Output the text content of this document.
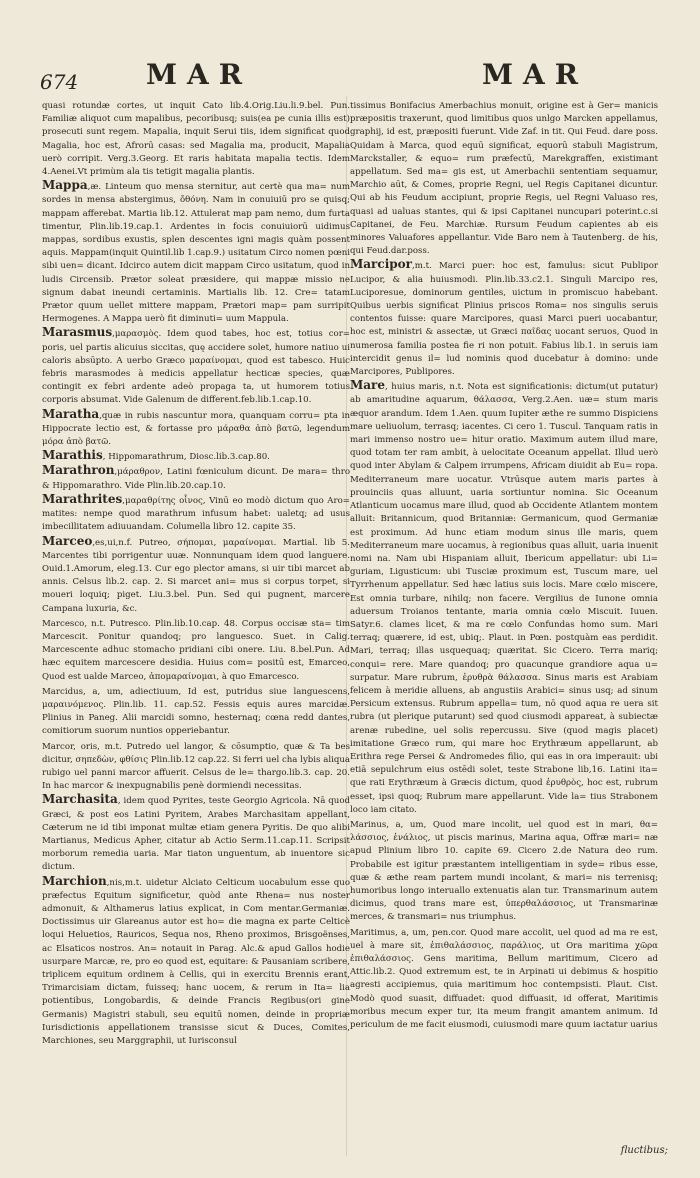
674 MAR	MAR

quasi rotundæ cortes, ut inquit Cato lib.4.Orig.Liu.li.9.bel. Pun. Familiæ aliquot cum mapalibus, pecoribusq; suis(ea pe cunia illis est) prosecuti sunt regem. Mapalia, inquit Serui tiis, idem significat quod Magalia, hoc est, Afrorū casas: sed Magalia ma, producit, Mapalia uerò corripit. Verg.3.Georg. Et raris habitata mapalia tectis. Idem 4.Aenei.Vt primùm ala tis tetigit magalia plantis.

Mappa,æ. Linteum quo mensa sternitur, aut certè qua ma= num sordes in mensa abstergimus, ὄθόνη. Nam in conuiuiū pro se quisq; mappam afferebat. Martia lib.12. Attulerat map pam nemo, dum furta timentur, Plin.lib.19.cap.1. Ardentes in focis conuiuiorū uidimus mappas, sordibus exustis, splen descentes igni magis quàm possent aquis. Mappam(inquit Quintil.lib 1.cap.9.) usitatum Circo nomen pœni sibi uen= dicant. Idcirco autem dicit mappam Circo usitatum, quod in ludis Circensib. Prætor soleat præsidere, qui mappæ missio ne signum dabat ineundi certaminis. Martialis lib. 12. Cre= tatam Prætor quum uellet mittere mappam, Prætori map= pam surripit Hermogenes. A Mappa uerò fit diminuti= uum Mappula.

Marasmus,μαρασμὸς. Idem quod tabes, hoc est, totius cor= poris, uel partis alicuius siccitas, quę accidere solet, humore natiuo ui caloris absūpto. A uerbo Græco μαραίνομαι, quod est tabesco. Huic febris marasmodes à medicis appellatur hecticæ species, quæ contingit ex febri ardente adeò propaga ta, ut humorem totius corporis absumat. Vide Galenum de different.feb.lib.1.cap.10.

Maratha,quæ in rubis nascuntur mora, quanquam corru= pta in Hippocrate lectio est, & fortasse pro μάραθα ἀπὸ βατῶ, legendum μόρα ἀπὸ βατῶ.

Marathis, Hippomarathrum, Diosc.lib.3.cap.80.

Marathron,μάραθρον, Latini fœniculum dicunt. De mara= thro & Hippomarathro. Vide Plin.lib.20.cap.10.

Marathrites,μαραθρίτης οἶνος, Vinū eo modò dictum quo Aro= matites: nempe quod marathrum infusum habet: ualetq; ad usus imbecillitatem adiuuandam. Columella libro 12. capite 35.

Marceo,es,ui,n.f. Putreo, σήπομαι, μαραίνομαι. Martial. lib 5. Marcentes tibi porrigentur uuæ. Nonnunquam idem quod languere. Ouid.1.Amorum, eleg.13. Cur ego plector amans, si uir tibi marcet ab annis. Celsus lib.2. cap. 2. Si marcet ani= mus si corpus torpet, si moueri loquiq; piget. Liu.3.bel. Pun. Sed qui pugnent, marcere Campana luxuria, &c.

Marcesco, n.t. Putresco. Plin.lib.10.cap. 48. Corpus occisæ sta= tim Marcescit. Ponitur quandoq; pro languesco. Suet. in Calig. Marcescente adhuc stomacho pridiani cibi onere. Liu. 8.bel.Pun. Ad hæc equitem marcescere desidia. Huius com= positū est, Emarceo, Quod est ualde Marceo, ἀπομαραίνομαι, à quo Emarcesco.

Marcidus, a, um, adiectiuum, Id est, putridus siue languescens, μαραινόμενος. Plin.lib. 11. cap.52. Fessis equis aures marcidæ. Plinius in Paneg. Alii marcidi somno, hesternaq; cœna redd dantes, comitiorum suorum nuntios opperiebantur.

Marcor, oris, m.t. Putredo uel langor, & cōsumptio, quæ & Ta bes dicitur, σηπεδὼν, φθίσις Plin.lib.12 cap.22. Si ferri uel cha lybis aliqua rubigo uel panni marcor affuerit. Celsus de le= thargo.lib.3. cap. 20. In hac marcor & inexpugnabilis penè dormiendi necessitas.

Marchasita, idem quod Pyrites, teste Georgio Agricola. Nā quod Græci, & post eos Latini Pyritem, Arabes Marchasitam appellant, Cæterum ne id tibi imponat multæ etiam genera Pyritis. De quo alibi Martianus, Medicus Apher, citatur ab Actio Serm.11.cap.11. Scripsit morborum remedia uaria. Mar tiaton unguentum, ab inuentore sic dictum.

Marchion,nis,m.t. uidetur Alciato Celticum uocabulum esse quo præfectus Equitum significetur, quòd ante Rhena= nus noster admonuit, & Althamerus latius explicat, in Com mentar.Germaniæ. Doctissimus uir Glareanus autor est ho= die magna ex parte Celticè loqui Heluetios, Rauricos, Sequa nos, Rheno proximos, Brisgoënses, ac Elsaticos nostros. An= notauit in Parag. Alc.& apud Gallos hodie usurpare Marcæ, re, pro eo quod est, equitare: & Pausaniam scribere, triplicem equitum ordinem à Cellis, qui in exercitu Brennis erant, Trimarcisiam dictam, fuisseq; hanc uocem, & rerum in Ita= lia potientibus, Longobardis, & deinde Francis Regibus(ori gine Germanis) Magistri stabuli, seu equitū nomen, deinde in propriæ Iurisdictionis appellationem transisse sicut & Duces, Comites, Marchiones, seu Marggraphii, ut Iurisconsul

tissimus Bonifacius Amerbachius monuit, origine est à Ger= manicis præpositis traxerunt, quod limitibus quos unlgo Marcken appellamus, graphij, id est, præpositi fuerunt. Vide Zaf. in tit. Qui Feud. dare poss. Quidam à Marca, quod equū significat, equorū stabuli Magistrum, Marckstaller, & equo= rum præfectū, Marekgraffen, existimant appellatum. Sed ma= gis est, ut Amerbachii sententiam sequamur, Marchio aūt, & Comes, proprie Regni, uel Regis Capitanei dicuntur. Qui ab his Feudum accipiunt, proprie Regis, uel Regni Valuaso res, quasi ad ualuas stantes, qui & ipsi Capitanei nuncupari poterint.c.si Capitanei, de Feu. Marchiæ. Rursum Feudum capientes ab eis minores Valuafores appellantur. Vide Baro nem à Tautenberg. de his, qui Feud.dar.poss.

Marcipor,m.t. Marci puer: hoc est, famulus: sicut Publipor Lucipor, & alia huiusmodi. Plin.lib.33.c2.1. Singuli Marcipo res, Luciporesue, dominorum gentiles, uictum in promiscuo habebant. Quibus uerbis significat Plinius priscos Roma= nos singulis seruis contentos fuisse: quare Marcipores, quasi Marci pueri uocabantur, hoc est, ministri & assectæ, ut Græci παῖδας uocant seruos, Quod in numerosa familia postea fie ri non potuit. Fabius lib.1. in seruis iam intercidit genus il= lud nominis quod ducebatur à domino: unde Marcipores, Publipores.

Mare, huius maris, n.t. Nota est significationis: dictum(ut putatur) ab amaritudine aquarum, θάλασσα, Verg.2.Aen. uæ= stum maris æquor arandum. Idem 1.Aen. quum Iupiter æthe re summo Dispiciens mare ueliuolum, terrasq; iacentes. Ci cero 1. Tuscul. Tanquam ratis in mari immenso nostro ue= hitur oratio. Maximum autem illud mare, quod totam ter ram ambit, à uelocitate Oceanum appellat. Illud uerò quod inter Abylam & Calpem irrumpens, Africam diuidit ab Eu= ropa. Mediterraneum mare uocatur. Vtrūsque autem maris partes à prouinciis quas alluunt, uaria sortiuntur nomina. Sic Oceanum Atlanticum uocamus mare illud, quod ab Occidente Atlantem montem alluit: Britannicum, quod Britanniæ: Germanicum, quod Germaniæ est proximum. Ad hunc etiam modum sinus ille maris, quem Mediterraneum mare uocamus, à regionibus quas alluit, uaria inuenit nomi na. Nam ubi Hispaniam alluit, Ibericum appellatur: ubi Li= guriam, Ligusticum: ubi Tusciæ proximum est, Tuscum mare, uel Tyrrhenum appellatur. Sed hæc latius suis locis. Mare cœlo miscere, Est omnia turbare, nihilq; non facere. Vergilius de Iunone omnia aduersum Troianos tentante, maria omnia cœlo Miscuit. Iuuen. Satyr.6. clames licet, & ma re cœlo Confundas homo sum. Mari terraq; quærere, id est, ubiq;. Plaut. in Pœn. postquàm eas perdidit. Mari, terraq; illas usquequaq; quæritat. Sic Cicero. Terra mariq; conqui= rere. Mare quandoq; pro quacunque grandiore aqua u= surpatur. Mare rubrum, ἐρυθρὰ θάλασσα. Sinus maris est Arabiam felicem à meridie alluens, ab angustiis Arabici= sinus usq; ad sinum Persicum extensus. Rubrum appella= tum, nō quod aqua re uera sit rubra (ut plerique putarunt) sed quod ciusmodi appareat, à subiectæ arenæ rubedine, uel solis repercussu. Sive (quod magis placet) imitatione Græco rum, qui mare hoc Erythræum appellarunt, ab Erithra rege Persei & Andromedes filio, qui eas in ora imperauit: ubi etiā sepulchrum eius ostēdi solet, teste Strabone lib,16. Latini ita= que rati Erythræum à Græcis dictum, quod ἐρυθρὸς, hoc est, rubrum esset, ipsi quoq; Rubrum mare appellarunt. Vide la= tius Strabonem loco iam citato.

Marinus, a, um, Quod mare incolit, uel quod est in mari, θα= λάσσιος, ἐνάλιος, ut piscis marinus, Marina aqua, Offræ mari= næ apud Plinium libro 10. capite 69. Cicero 2.de Natura deo rum. Probabile est igitur præstantem intelligentiam in syde= ribus esse, quæ & æthe ream partem mundi incolant, & mari= nis terrenisq; humoribus longo interuallo extenuatis alan tur. Transmarinum autem dicimus, quod trans mare est, ὑπερθαλάσσιος, ut Transmarinæ merces, & transmari= nus triumphus.

Maritimus, a, um, pen.cor. Quod mare accolit, uel quod ad ma re est, uel à mare sit, ἐπιθαλάσσιος, παράλιος, ut Ora maritima χῶρα ἐπιθαλάσσιος. Gens maritima, Bellum maritimum, Cicero ad Attic.lib.2. Quod extremum est, te in Arpinati ui debimus & hospitio agresti accipiemus, quia maritimum hoc contempsisti. Plaut. Cist. Modò quod suasit, diffuadet: quod diffuasit, id offerat, Maritimis moribus mecum exper tur, ita meum frangit amantem animum. Id periculum de me facit eiusmodi, cuiusmodi mare quum iactatur uarius

fluctibus;
